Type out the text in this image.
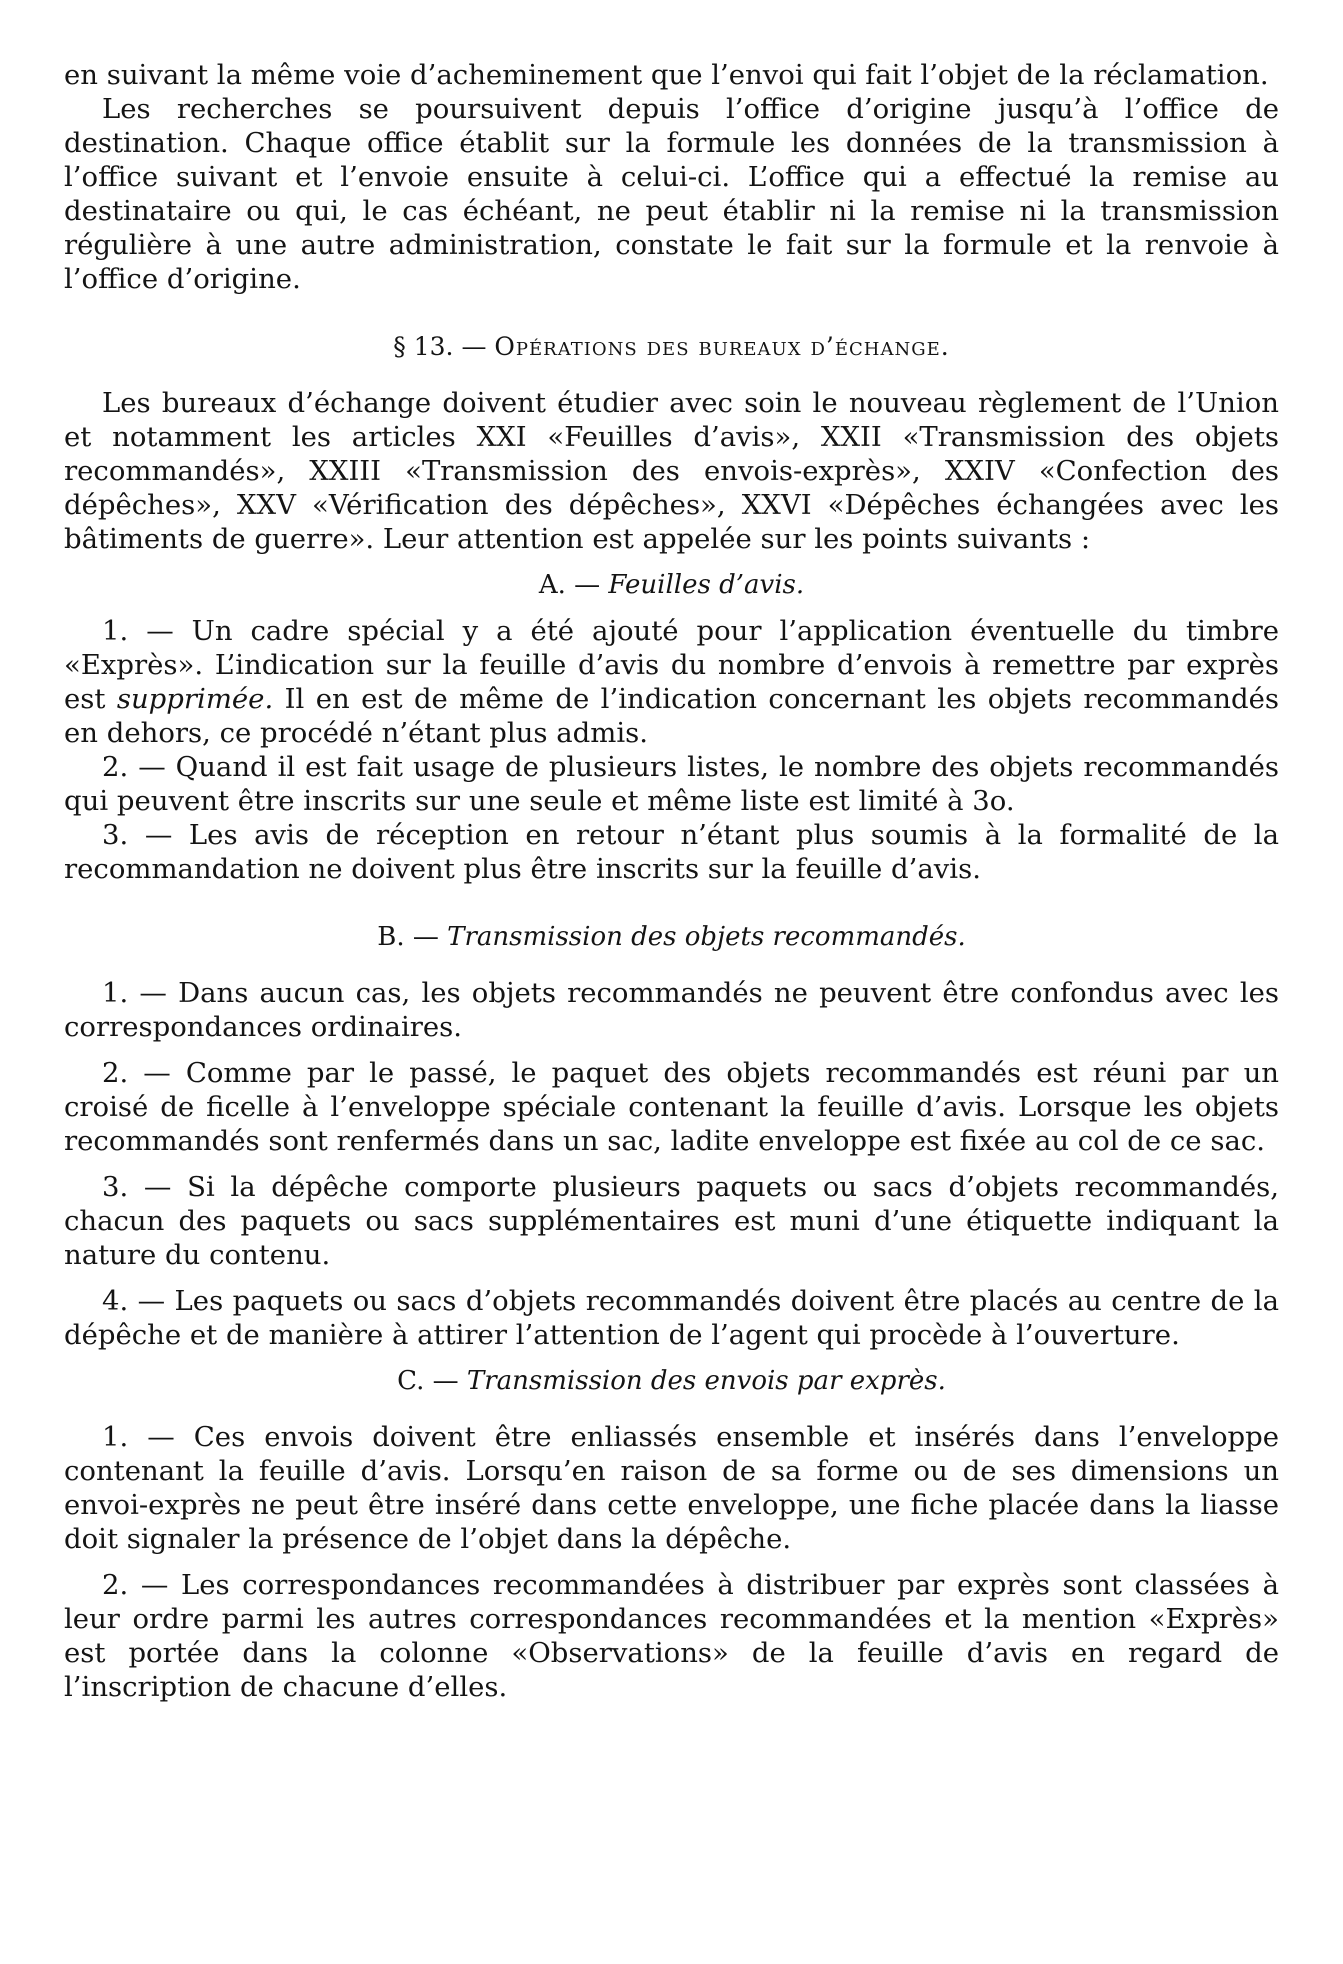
en suivant la même voie d’acheminement que l’envoi qui fait l’objet de la réclamation.

Les recherches se poursuivent depuis l’office d’origine jusqu’à l’office de destination. Chaque office établit sur la formule les données de la transmission à l’office suivant et l’envoie ensuite à celui-ci. L’office qui a effectué la remise au destinataire ou qui, le cas échéant, ne peut établir ni la remise ni la transmission régulière à une autre administration, constate le fait sur la formule et la renvoie à l’office d’origine.

§ 13. — Opérations des bureaux d’échange.

Les bureaux d’échange doivent étudier avec soin le nouveau règlement de l’Union et notamment les articles XXI «Feuilles d’avis», XXII «Transmission des objets recommandés», XXIII «Transmission des envois-exprès», XXIV «Confection des dépêches», XXV «Vérification des dépêches», XXVI «Dépêches échangées avec les bâtiments de guerre». Leur attention est appelée sur les points suivants :

A. — Feuilles d’avis.

1. — Un cadre spécial y a été ajouté pour l’application éventuelle du timbre «Exprès». L’indication sur la feuille d’avis du nombre d’envois à remettre par exprès est supprimée. Il en est de même de l’indication concernant les objets recommandés en dehors, ce procédé n’étant plus admis.

2. — Quand il est fait usage de plusieurs listes, le nombre des objets recommandés qui peuvent être inscrits sur une seule et même liste est limité à 3o.

3. — Les avis de réception en retour n’étant plus soumis à la formalité de la recommandation ne doivent plus être inscrits sur la feuille d’avis.

B. — Transmission des objets recommandés.

1. — Dans aucun cas, les objets recommandés ne peuvent être confondus avec les correspondances ordinaires.

2. — Comme par le passé, le paquet des objets recommandés est réuni par un croisé de ficelle à l’enveloppe spéciale contenant la feuille d’avis. Lorsque les objets recommandés sont renfermés dans un sac, ladite enveloppe est fixée au col de ce sac.

3. — Si la dépêche comporte plusieurs paquets ou sacs d’objets recommandés, chacun des paquets ou sacs supplémentaires est muni d’une étiquette indiquant la nature du contenu.

4. — Les paquets ou sacs d’objets recommandés doivent être placés au centre de la dépêche et de manière à attirer l’attention de l’agent qui procède à l’ouverture.

C. — Transmission des envois par exprès.

1. — Ces envois doivent être enliassés ensemble et insérés dans l’enveloppe contenant la feuille d’avis. Lorsqu’en raison de sa forme ou de ses dimensions un envoi-exprès ne peut être inséré dans cette enveloppe, une fiche placée dans la liasse doit signaler la présence de l’objet dans la dépêche.

2. — Les correspondances recommandées à distribuer par exprès sont classées à leur ordre parmi les autres correspondances recommandées et la mention «Exprès» est portée dans la colonne «Observations» de la feuille d’avis en regard de l’inscription de chacune d’elles.
